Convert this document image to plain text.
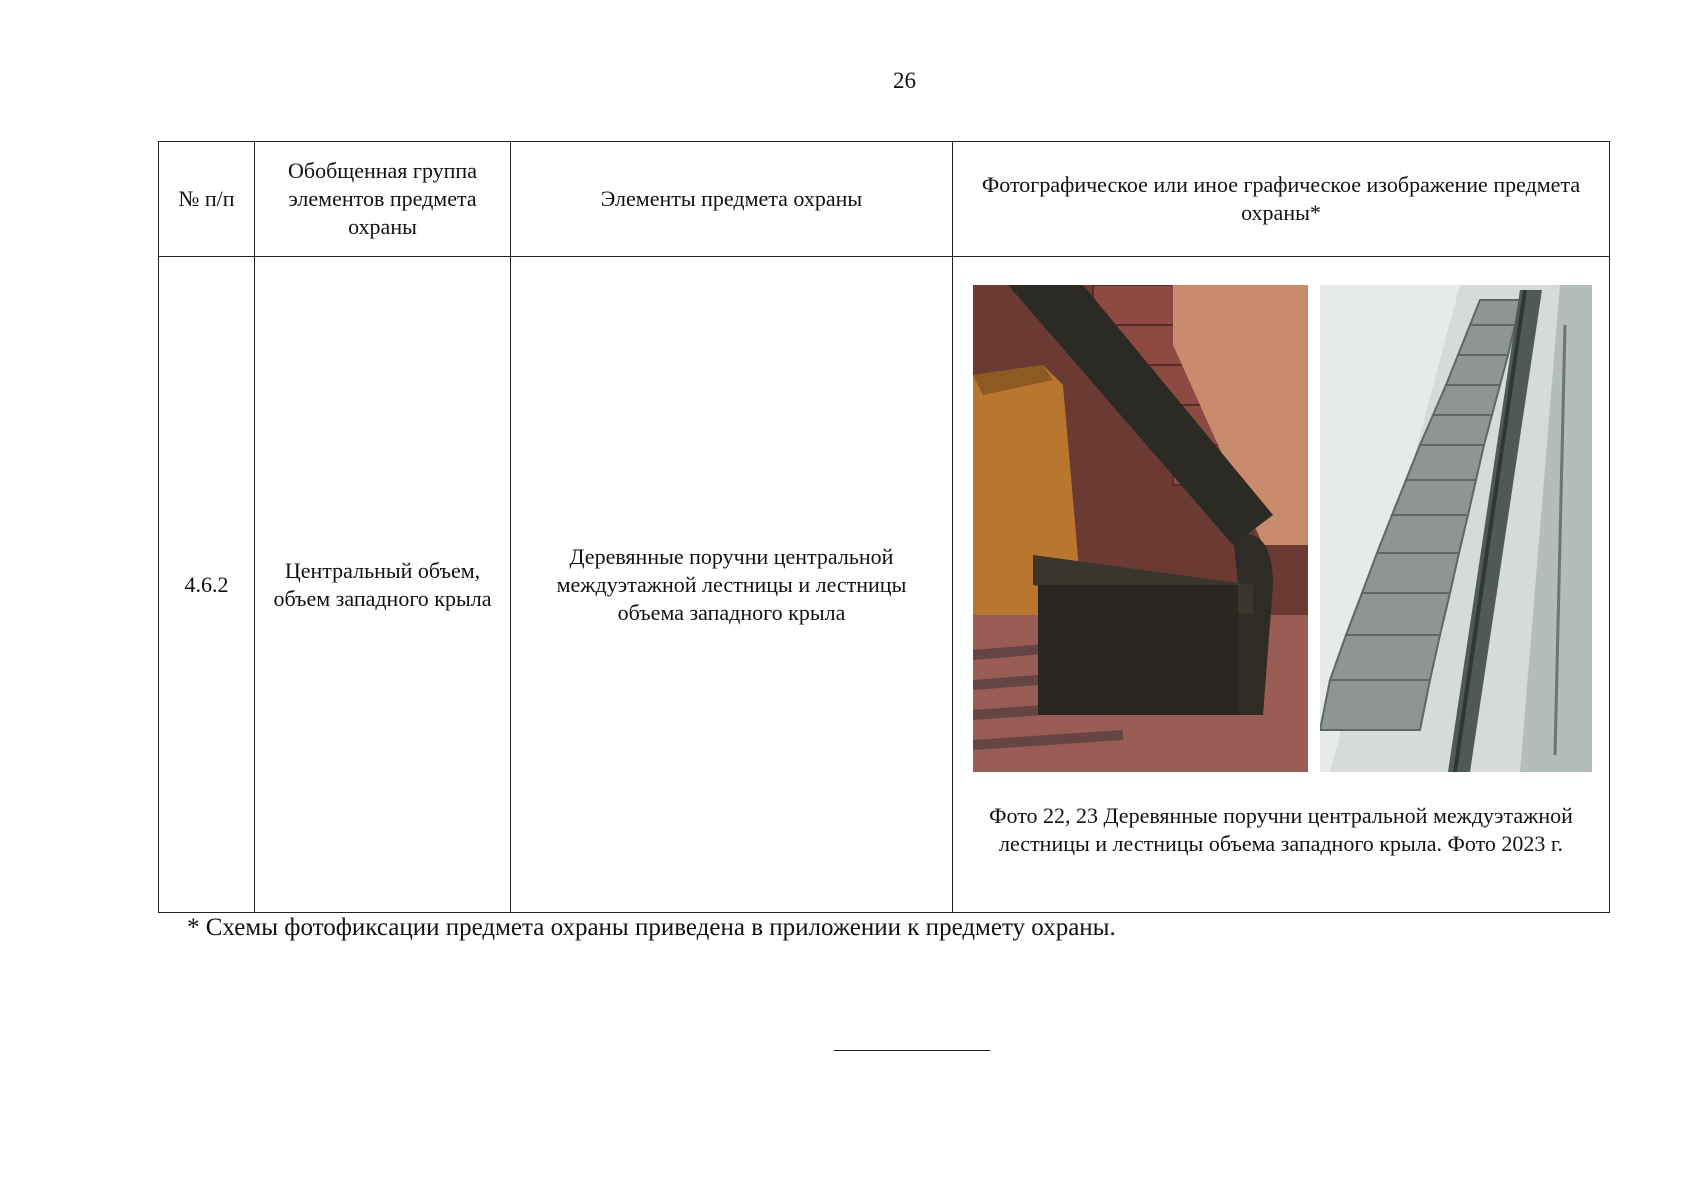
26
№ п/п	Обобщенная группа элементов предмета охраны	Элементы предмета охраны	Фотографическое или иное графическое изображение предмета охраны*
4.6.2	Центральный объем, объем западного крыла	Деревянные поручни центральной междуэтажной лестницы и лестницы объема западного крыла	Фото 22, 23 Деревянные поручни центральной междуэтажной лестницы и лестницы объема западного крыла. Фото 2023 г.
* Схемы фотофиксации предмета охраны приведена в приложении к предмету охраны.
